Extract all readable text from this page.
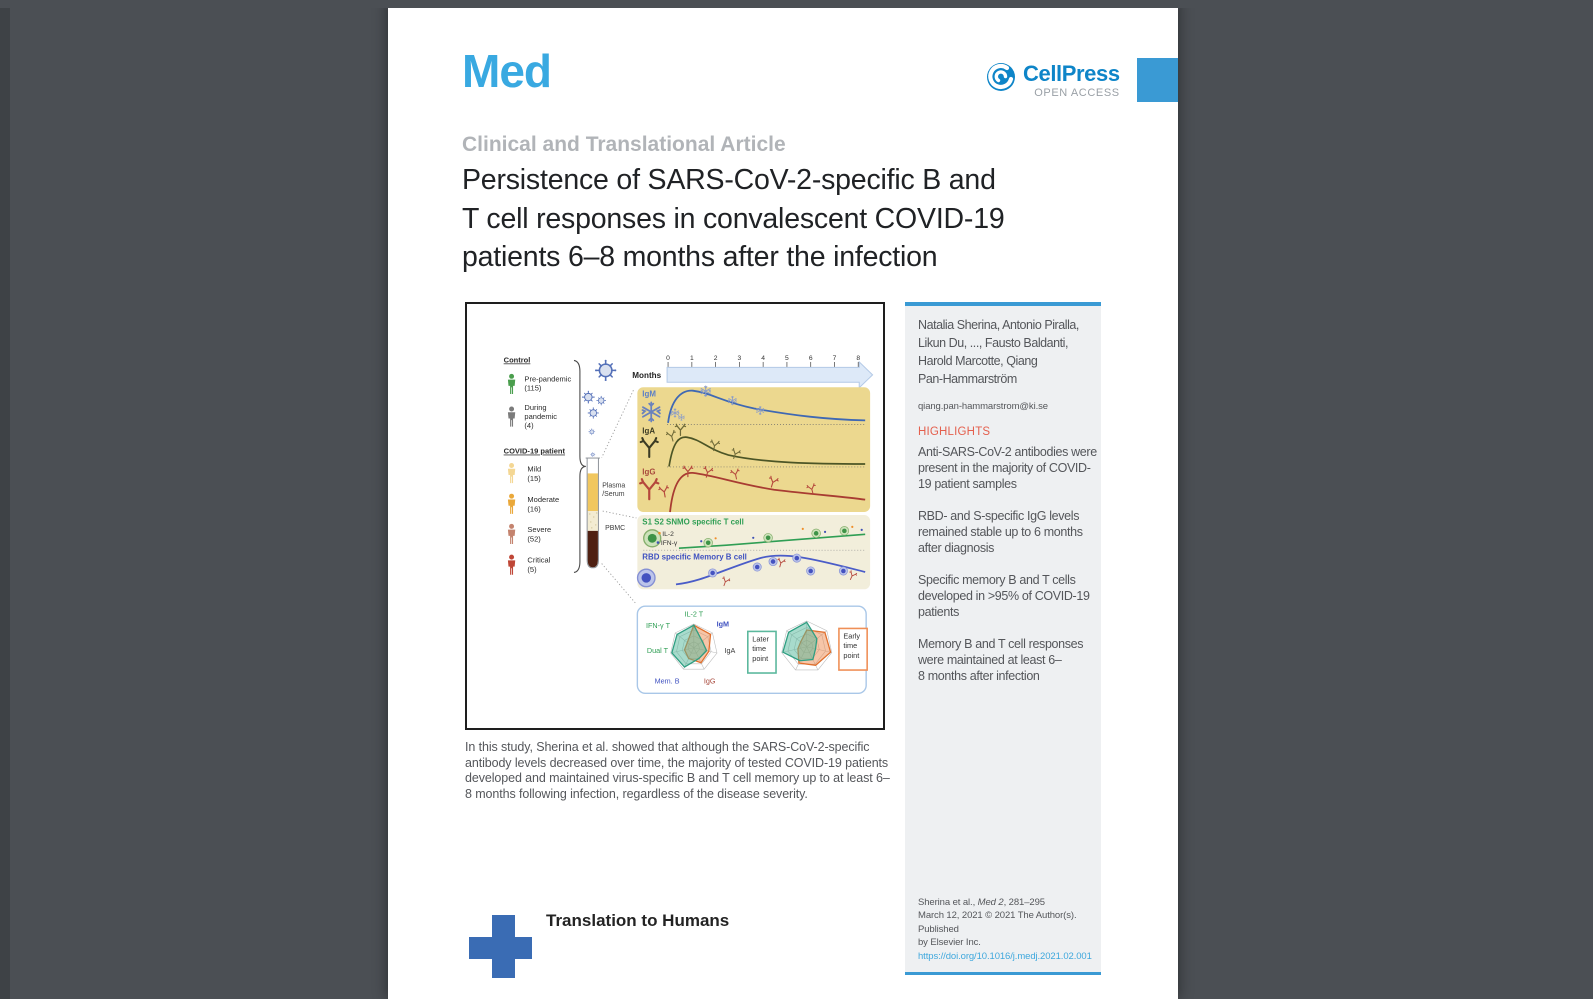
Med	CellPress
OPEN ACCESS
Clinical and Translational Article
Persistence of SARS-CoV-2-specific B and
T cell responses in convalescent COVID-19
patients 6–8 months after the infection
Control
Pre-pandemic
(115)
During
pandemic
(4)
COVID-19 patient
Mild
(15)
Moderate
(16)
Severe
(52)
Critical
(5)
Plasma
/Serum
PBMC
Months
0	1	2	3	4	5	6	7	8
IgM
IgA
IgG
S1 S2 SNMO specific T cell
IL-2
IFN-γ
RBD specific Memory B cell
IL-2 T
IgM
IgA
IgG
Mem. B
Dual T
IFN-γ T
Later
time
point
Early
time
point
In this study, Sherina et al. showed that although the SARS-CoV-2-specific
antibody levels decreased over time, the majority of tested COVID-19 patients
developed and maintained virus-specific B and T cell memory up to at least 6–
8 months following infection, regardless of the disease severity.
Natalia Sherina, Antonio Piralla,
Likun Du, ..., Fausto Baldanti,
Harold Marcotte, Qiang
Pan-Hammarström
qiang.pan-hammarstrom@ki.se
HIGHLIGHTS
Anti-SARS-CoV-2 antibodies were
present in the majority of COVID-
19 patient samples
RBD- and S-specific IgG levels
remained stable up to 6 months
after diagnosis
Specific memory B and T cells
developed in >95% of COVID-19
patients
Memory B and T cell responses
were maintained at least 6–
8 months after infection
Sherina et al., Med 2, 281–295
March 12, 2021 © 2021 The Author(s). Published
by Elsevier Inc.
https://doi.org/10.1016/j.medj.2021.02.001
Translation to Humans
